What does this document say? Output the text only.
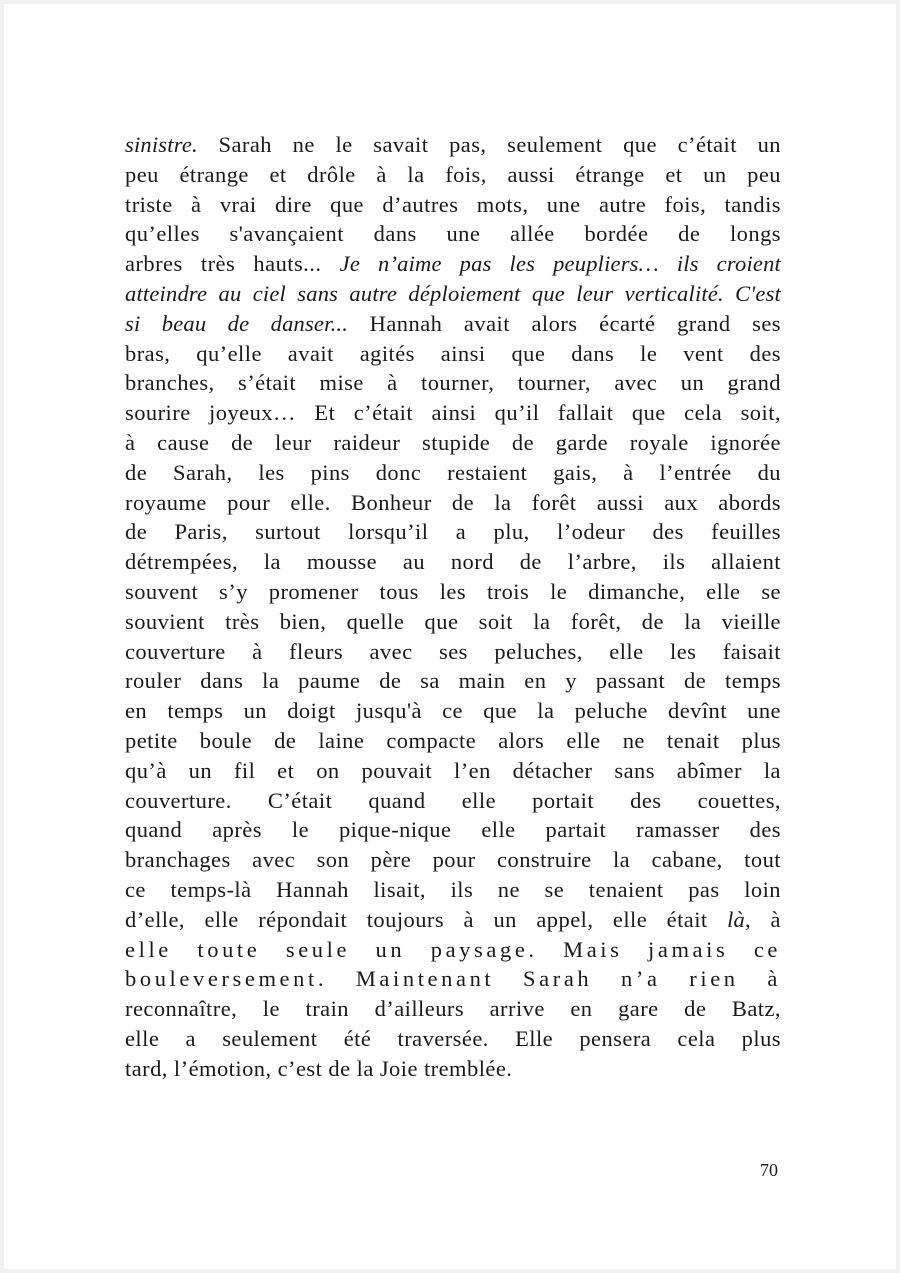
sinistre. Sarah ne le savait pas, seulement que c’était un
peu étrange et drôle à la fois, aussi étrange et un peu
triste à vrai dire que d’autres mots, une autre fois, tandis
qu’elles s'avançaient dans une allée bordée de longs
arbres très hauts... Je n’aime pas les peupliers… ils croient
atteindre au ciel sans autre déploiement que leur verticalité. C'est
si beau de danser... Hannah avait alors écarté grand ses
bras, qu’elle avait agités ainsi que dans le vent des
branches, s’était mise à tourner, tourner, avec un grand
sourire joyeux… Et c’était ainsi qu’il fallait que cela soit,
à cause de leur raideur stupide de garde royale ignorée
de Sarah, les pins donc restaient gais, à l’entrée du
royaume pour elle. Bonheur de la forêt aussi aux abords
de Paris, surtout lorsqu’il a plu, l’odeur des feuilles
détrempées, la mousse au nord de l’arbre, ils allaient
souvent s’y promener tous les trois le dimanche, elle se
souvient très bien, quelle que soit la forêt, de la vieille
couverture à fleurs avec ses peluches, elle les faisait
rouler dans la paume de sa main en y passant de temps
en temps un doigt jusqu'à ce que la peluche devînt une
petite boule de laine compacte alors elle ne tenait plus
qu’à un fil et on pouvait l’en détacher sans abîmer la
couverture. C’était quand elle portait des couettes,
quand après le pique-nique elle partait ramasser des
branchages avec son père pour construire la cabane, tout
ce temps-là Hannah lisait, ils ne se tenaient pas loin
d’elle, elle répondait toujours à un appel, elle était là, à
elle toute seule un paysage. Mais jamais ce
bouleversement. Maintenant Sarah n’a rien à
reconnaître, le train d’ailleurs arrive en gare de Batz,
elle a seulement été traversée. Elle pensera cela plus
tard, l’émotion, c’est de la Joie tremblée.
70
